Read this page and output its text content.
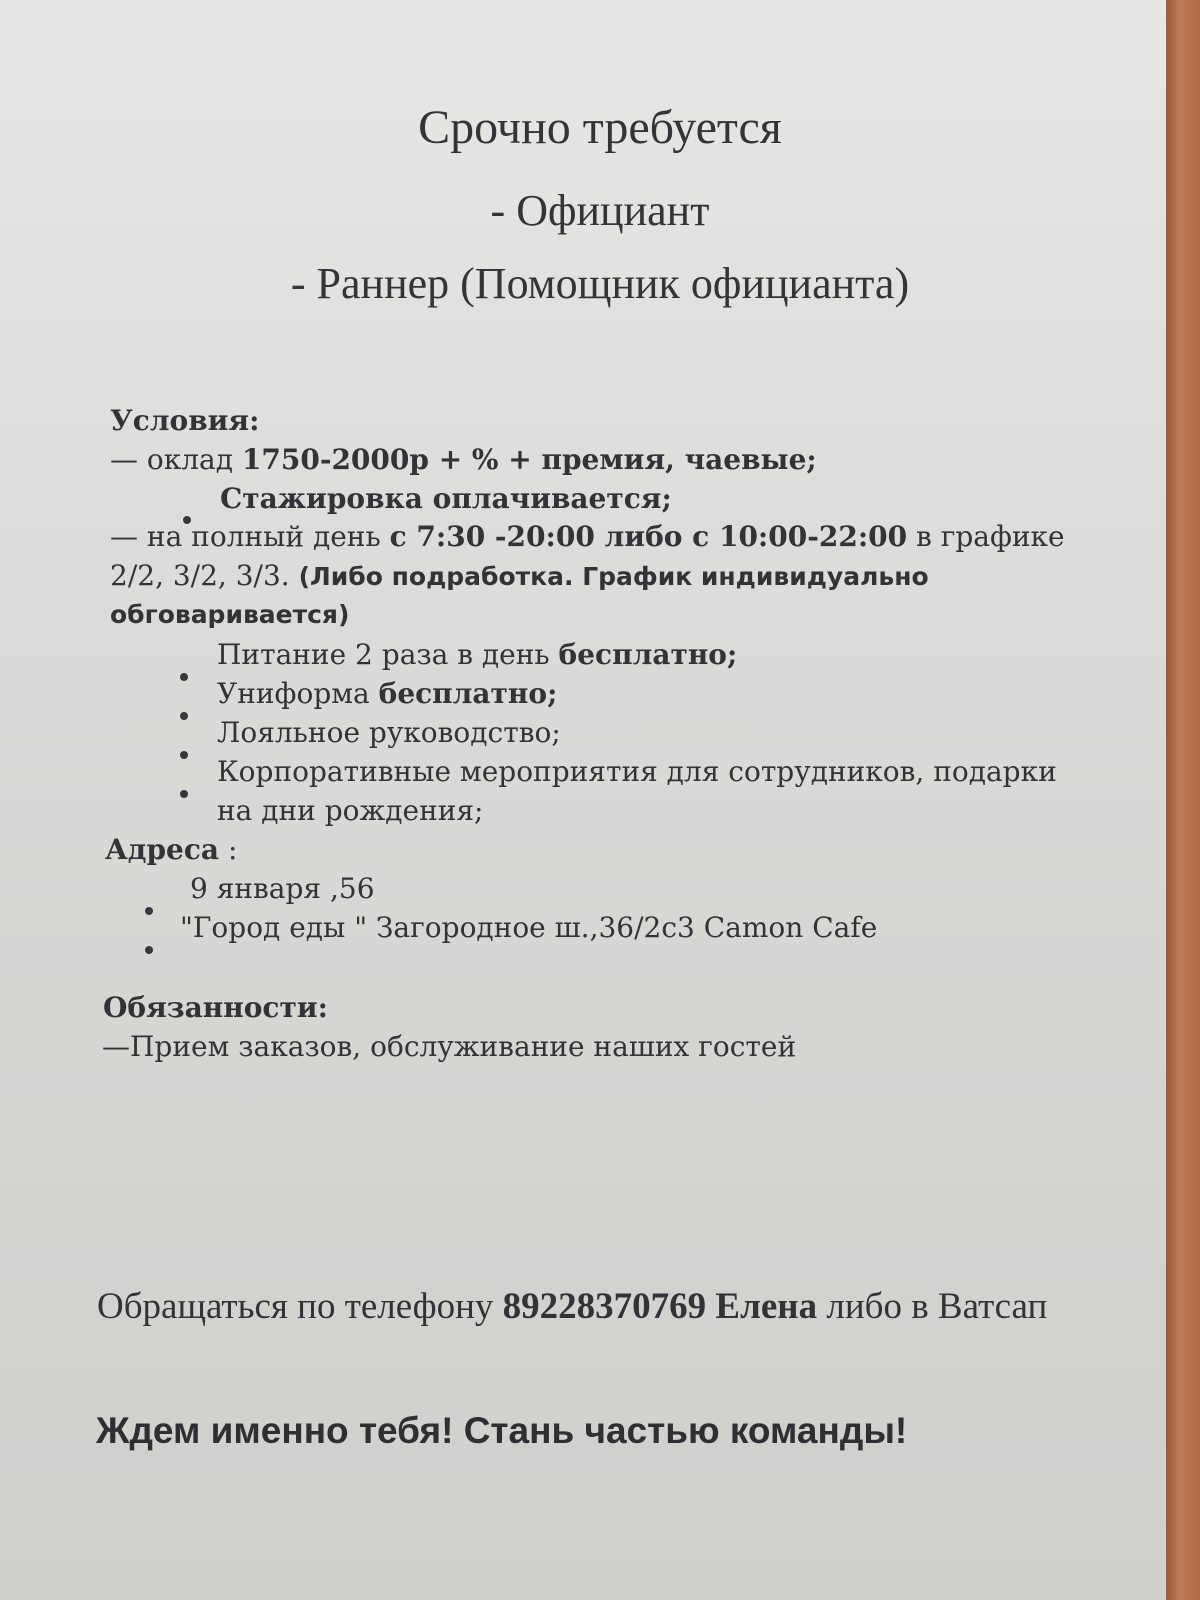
Срочно требуется
- Официант
- Раннер (Помощник официанта)
Условия:
— оклад 1750-2000р + % + премия, чаевые;
Стажировка оплачивается;
— на полный день с 7:30 -20:00 либо с 10:00-22:00 в графике
2/2, 3/2, 3/3. (Либо подработка. График индивидуально
обговаривается)
Питание 2 раза в день бесплатно;
Униформа бесплатно;
Лояльное руководство;
Корпоративные мероприятия для сотрудников, подарки
на дни рождения;
Адреса :
9 января ,56
"Город еды " Загородное ш.,36/2с3 Camon Cafe
Обязанности:
—Прием заказов, обслуживание наших гостей
Обращаться по телефону 89228370769 Елена либо в Ватсап
Ждем именно тебя! Стань частью команды!
